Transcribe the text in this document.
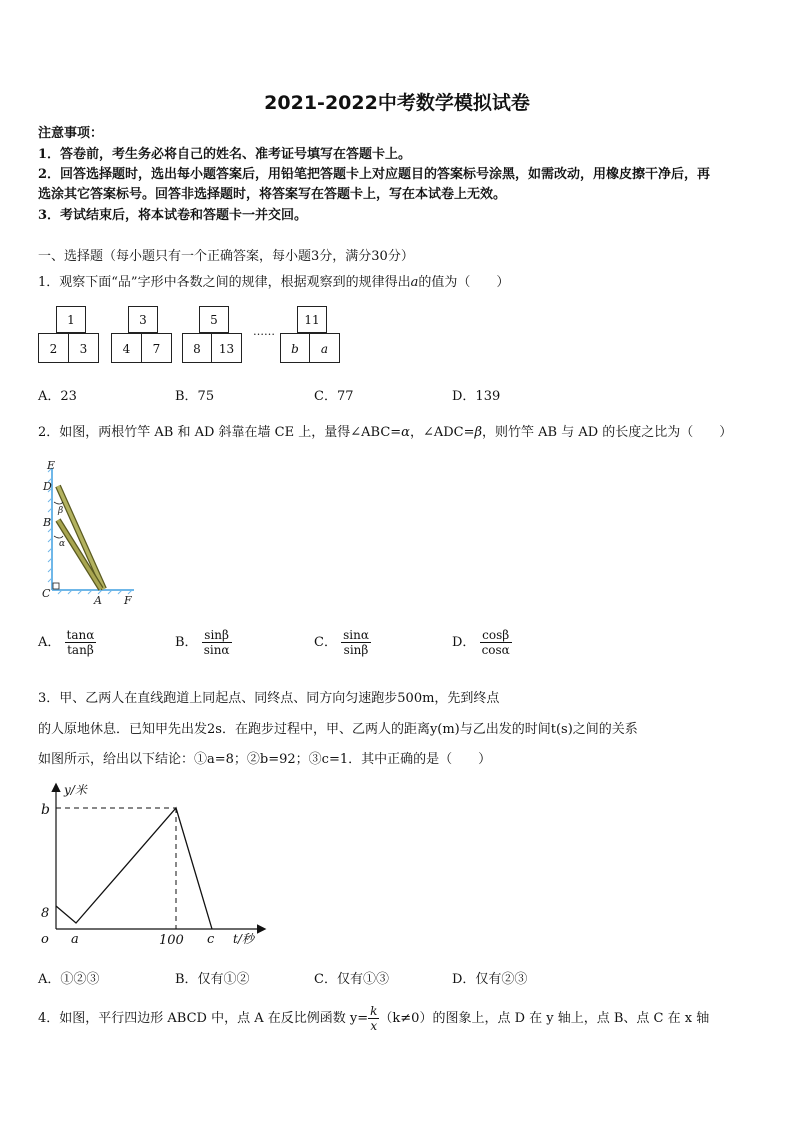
2021-2022中考数学模拟试卷
注意事项：
1．答卷前，考生务必将自己的姓名、准考证号填写在答题卡上。
2．回答选择题时，选出每小题答案后，用铅笔把答题卡上对应题目的答案标号涂黑，如需改动，用橡皮擦干净后，再
选涂其它答案标号。回答非选择题时，将答案写在答题卡上，写在本试卷上无效。
3．考试结束后，将本试卷和答题卡一并交回。
一、选择题（每小题只有一个正确答案，每小题3分，满分30分）
1．观察下面“品”字形中各数之间的规律，根据观察到的规律得出a的值为（　　）
1
2	3
3
4	7
5
8	13
……
11
b	a
A．23	B．75	C．77	D．139
2．如图，两根竹竿 AB 和 AD 斜靠在墙 CE 上，量得∠ABC=α，∠ADC=β，则竹竿 AB 与 AD 的长度之比为（　　）
E
D
B
C
A F
β
α
A． $\frac{\tan\alpha}{\tan\beta}$	B． $\frac{\sin\beta}{\sin\alpha}$	C． $\frac{\sin\alpha}{\sin\beta}$	D． $\frac{\cos\beta}{\cos\alpha}$
3．甲、乙两人在直线跑道上同起点、同终点、同方向匀速跑步500m，先到终点
的人原地休息．已知甲先出发2s．在跑步过程中，甲、乙两人的距离y(m)与乙出发的时间t(s)之间的关系
如图所示，给出以下结论：①a=8；②b=92；③c=1．其中正确的是（　　）
y/米
b
8
o a	100 c t/秒
A．①②③	B．仅有①②	C．仅有①③	D．仅有②③
4．如图，平行四边形 ABCD 中，点 A 在反比例函数 $y= \frac{k}{x} (k\ne 0)$的图象上，点 D 在 y 轴上，点 B、点 C 在 x 轴
